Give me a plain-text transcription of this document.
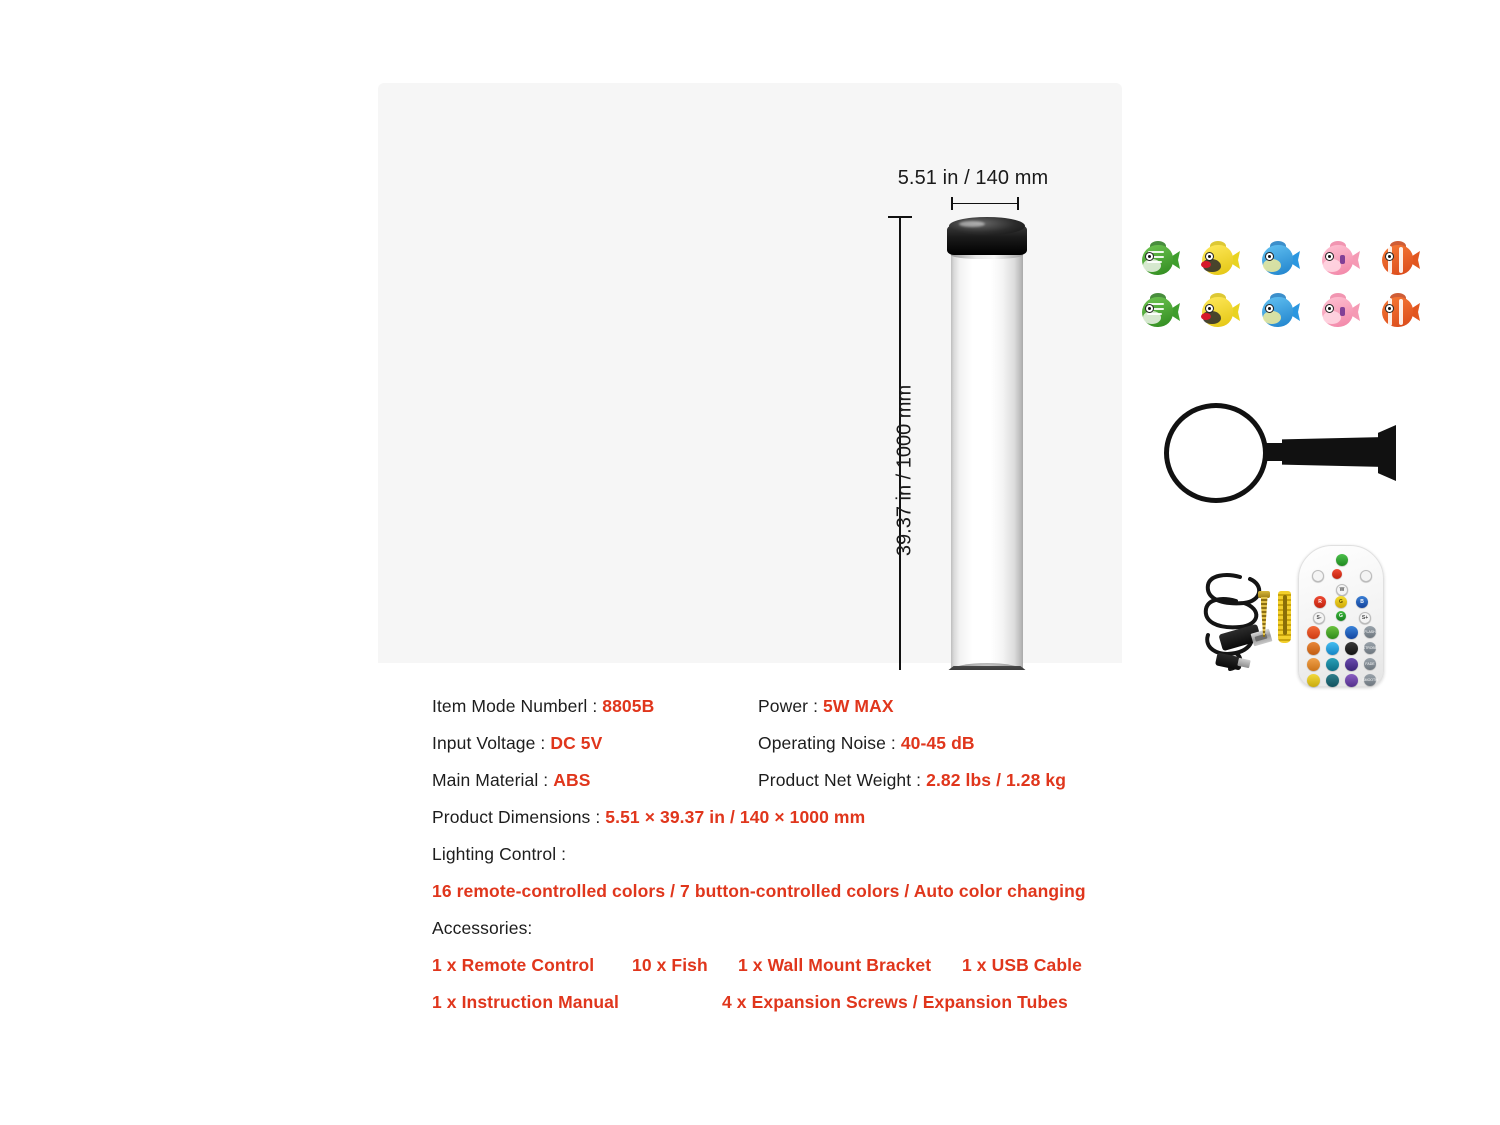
5.51 in / 140 mm
39.37 in / 1000 mm
W
R	G	B
S-	G	S+
FLASH
STROBE
FADE
SMOOTH
Item Mode Numberl : 8805B	Power : 5W MAX
Input Voltage : DC 5V	Operating Noise : 40-45 dB
Main Material : ABS	Product Net Weight : 2.82 lbs / 1.28 kg
Product Dimensions : 5.51 × 39.37 in / 140 × 1000 mm
Lighting Control :
16 remote-controlled colors / 7 button-controlled colors / Auto color changing
Accessories:
1 x Remote Control 10 x Fish 1 x Wall Mount Bracket 1 x USB Cable
1 x Instruction Manual	4 x Expansion Screws / Expansion Tubes
